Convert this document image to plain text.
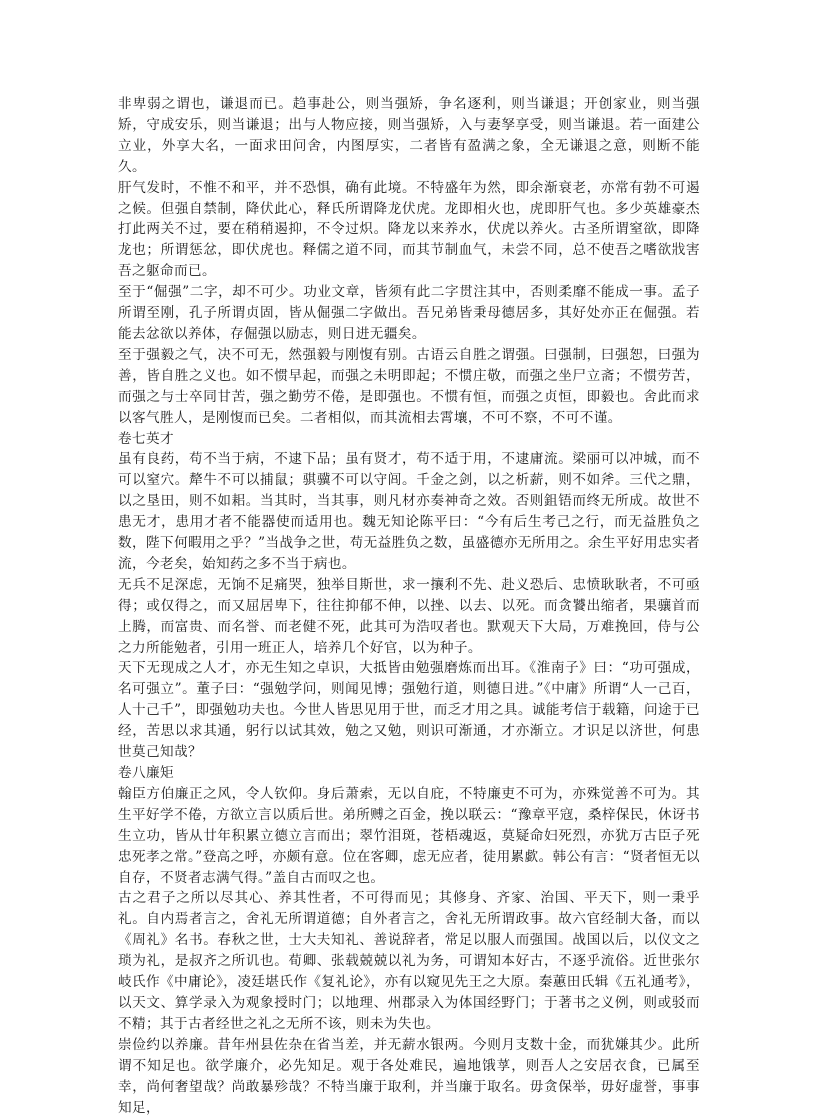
非卑弱之谓也，谦退而已。趋事赴公，则当强矫，争名逐利，则当谦退；开创家业，则当强矫，守成安乐，则当谦退；出与人物应接，则当强矫，入与妻孥享受，则当谦退。若一面建公立业，外享大名，一面求田问舍，内图厚实，二者皆有盈满之象，全无谦退之意，则断不能久。

肝气发时，不惟不和平，并不恐惧，确有此境。不特盛年为然，即余渐衰老，亦常有勃不可遏之候。但强自禁制，降伏此心，释氏所谓降龙伏虎。龙即相火也，虎即肝气也。多少英雄豪杰打此两关不过，要在稍稍遏抑，不令过炽。降龙以来养水，伏虎以养火。古圣所谓窒欲，即降龙也；所谓惩忿，即伏虎也。释儒之道不同，而其节制血气，未尝不同，总不使吾之嗜欲戕害吾之躯命而已。

至于“倔强”二字，却不可少。功业文章，皆须有此二字贯注其中，否则柔靡不能成一事。孟子所谓至刚，孔子所谓贞固，皆从倔强二字做出。吾兄弟皆秉母德居多，其好处亦正在倔强。若能去忿欲以养体，存倔强以励志，则日进无疆矣。

至于强毅之气，决不可无，然强毅与刚愎有别。古语云自胜之谓强。曰强制，曰强恕，曰强为善，皆自胜之义也。如不惯早起，而强之未明即起；不惯庄敬，而强之坐尸立斋；不惯劳苦，而强之与士卒同甘苦，强之勤劳不倦，是即强也。不惯有恒，而强之贞恒，即毅也。舍此而求以客气胜人，是刚愎而已矣。二者相似，而其流相去霄壤，不可不察，不可不谨。

卷七英才

虽有良药，苟不当于病，不逮下品；虽有贤才，苟不适于用，不逮庸流。梁丽可以冲城，而不可以窒穴。犛牛不可以捕鼠；骐骥不可以守闾。千金之剑，以之析薪，则不如斧。三代之鼎，以之垦田，则不如耜。当其时，当其事，则凡材亦奏神奇之效。否则鉏铻而终无所成。故世不患无才，患用才者不能器使而适用也。魏无知论陈平曰：“今有后生考己之行，而无益胜负之数，陛下何暇用之乎？”当战争之世，苟无益胜负之数，虽盛德亦无所用之。余生平好用忠实者流，今老矣，始知药之多不当于病也。

无兵不足深虑，无饷不足痛哭，独举目斯世，求一攘利不先、赴义恐后、忠愤耿耿者，不可亟得；或仅得之，而又屈居卑下，往往抑郁不伸，以挫、以去、以死。而贪饕出缩者，果骧首而上腾，而富贵、而名誉、而老健不死，此其可为浩叹者也。默观天下大局，万难挽回，侍与公之力所能勉者，引用一班正人，培养几个好官，以为种子。

天下无现成之人才，亦无生知之卓识，大抵皆由勉强磨炼而出耳。《淮南子》曰：“功可强成，名可强立”。董子曰：“强勉学问，则闻见博；强勉行道，则德日进。”《中庸》所谓“人一己百，人十己千”，即强勉功夫也。今世人皆思见用于世，而乏才用之具。诚能考信于载籍，问途于已经，苦思以求其通，躬行以试其效，勉之又勉，则识可渐通，才亦渐立。才识足以济世，何患世莫己知哉？

卷八廉矩

翰臣方伯廉正之风，令人钦仰。身后萧索，无以自庇，不特廉吏不可为，亦殊觉善不可为。其生平好学不倦，方欲立言以质后世。弟所赙之百金，挽以联云：“豫章平寇，桑梓保民，休讶书生立功，皆从廿年积累立德立言而出；翠竹泪斑，苍梧魂返，莫疑命妇死烈，亦犹万古臣子死忠死孝之常。”登高之呼，亦颇有意。位在客卿，虑无应者，徒用累歔。韩公有言：“贤者恒无以自存，不贤者志满气得。”盖自古而叹之也。

古之君子之所以尽其心、养其性者，不可得而见；其修身、齐家、治国、平天下，则一秉乎礼。自内焉者言之，舍礼无所谓道德；自外者言之，舍礼无所谓政事。故六官经制大备，而以《周礼》名书。春秋之世，士大夫知礼、善说辞者，常足以服人而强国。战国以后，以仪文之琐为礼，是叔齐之所讥也。荀卿、张载兢兢以礼为务，可谓知本好古，不逐乎流俗。近世张尔岐氏作《中庸论》，凌廷堪氏作《复礼论》，亦有以窥见先王之大原。秦蕙田氏辑《五礼通考》，以天文、算学录入为观象授时门；以地理、州郡录入为体国经野门；于著书之义例，则或驳而不精；其于古者经世之礼之无所不该，则未为失也。

崇俭约以养廉。昔年州县佐杂在省当差，并无薪水银两。今则月支数十金，而犹嫌其少。此所谓不知足也。欲学廉介，必先知足。观于各处难民，遍地饿莩，则吾人之安居衣食，已属至幸，尚何奢望哉？尚敢暴殄哉？不特当廉于取利，并当廉于取名。毋贪保举，毋好虚誉，事事知足，
